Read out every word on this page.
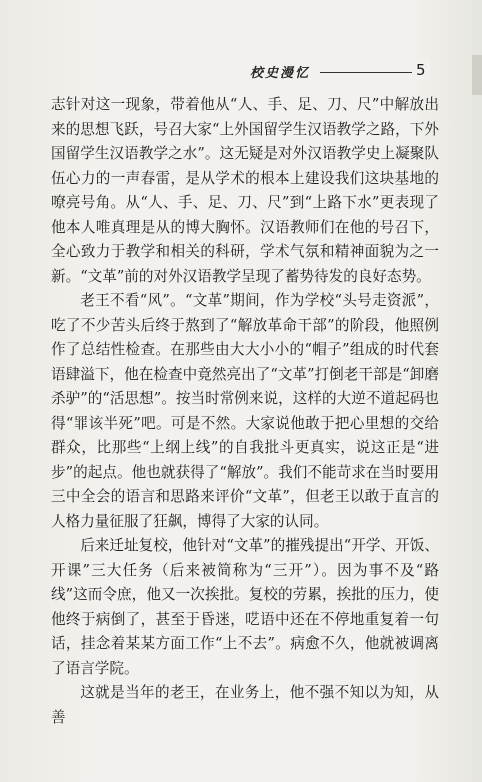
校史漫忆	5

志针对这一现象，带着他从“人、手、足、刀、尺”中解放出来的思想飞跃，号召大家“上外国留学生汉语教学之路，下外国留学生汉语教学之水”。这无疑是对外汉语教学史上凝聚队伍心力的一声春雷，是从学术的根本上建设我们这块基地的嘹亮号角。从“人、手、足、刀、尺”到“上路下水”更表现了他本人唯真理是从的博大胸怀。汉语教师们在他的号召下，全心致力于教学和相关的科研，学术气氛和精神面貌为之一新。“文革”前的对外汉语教学呈现了蓄势待发的良好态势。

老王不看“风”。“文革”期间，作为学校“头号走资派”，吃了不少苦头后终于熬到了“解放革命干部”的阶段，他照例作了总结性检查。在那些由大大小小的“帽子”组成的时代套语肆溢下，他在检查中竟然亮出了“文革”打倒老干部是“卸磨杀驴”的“活思想”。按当时常例来说，这样的大逆不道起码也得“罪该半死”吧。可是不然。大家说他敢于把心里想的交给群众，比那些“上纲上线”的自我批斗更真实，说这正是“进步”的起点。他也就获得了“解放”。我们不能苛求在当时要用三中全会的语言和思路来评价“文革”，但老王以敢于直言的人格力量征服了狂飙，博得了大家的认同。

后来迁址复校，他针对“文革”的摧残提出“开学、开饭、开课”三大任务（后来被简称为“三开”）。因为事不及“路线”这而令庶，他又一次挨批。复校的劳累，挨批的压力，使他终于病倒了，甚至于昏迷，呓语中还在不停地重复着一句话，挂念着某某方面工作“上不去”。病愈不久，他就被调离了语言学院。

这就是当年的老王，在业务上，他不强不知以为知，从善
